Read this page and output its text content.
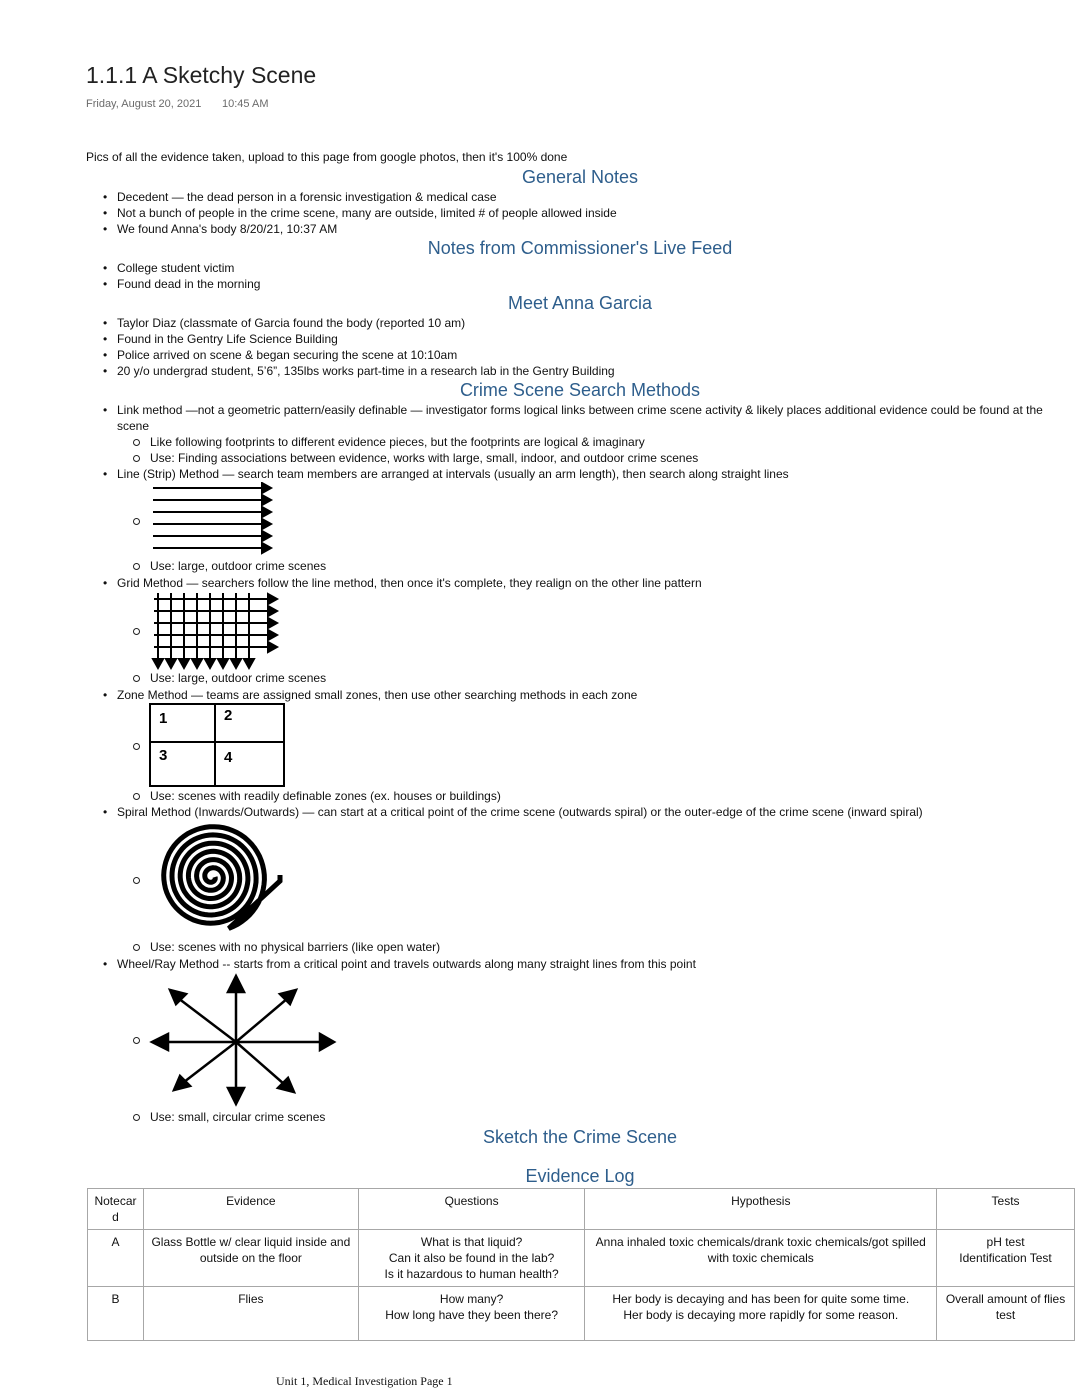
1.1.1 A Sketchy Scene
Friday, August 20, 2021 10:45 AM
Pics of all the evidence taken, upload to this page from google photos, then it's 100% done
General Notes
• Decedent — the dead person in a forensic investigation & medical case
• Not a bunch of people in the crime scene, many are outside, limited # of people allowed inside
• We found Anna's body 8/20/21, 10:37 AM
Notes from Commissioner's Live Feed
• College student victim
• Found dead in the morning
Meet Anna Garcia
• Taylor Diaz (classmate of Garcia found the body (reported 10 am)
• Found in the Gentry Life Science Building
• Police arrived on scene & began securing the scene at 10:10am
• 20 y/o undergrad student, 5’6”, 135lbs works part-time in a research lab in the Gentry Building
Crime Scene Search Methods
• Link method —not a geometric pattern/easily definable — investigator forms logical links between crime scene activity & likely places additional evidence could be found at the scene
Like following footprints to different evidence pieces, but the footprints are logical & imaginary
Use: Finding associations between evidence, works with large, small, indoor, and outdoor crime scenes
• Line (Strip) Method — search team members are arranged at intervals (usually an arm length), then search along straight lines
Use: large, outdoor crime scenes
• Grid Method — searchers follow the line method, then once it's complete, they realign on the other line pattern
Use: large, outdoor crime scenes
• Zone Method — teams are assigned small zones, then use other searching methods in each zone
1	2
3	4
Use: scenes with readily definable zones (ex. houses or buildings)
• Spiral Method (Inwards/Outwards) — can start at a critical point of the crime scene (outwards spiral) or the outer-edge of the crime scene (inward spiral)
Use: scenes with no physical barriers (like open water)
• Wheel/Ray Method -- starts from a critical point and travels outwards along many straight lines from this point
Use: small, circular crime scenes
Sketch the Crime Scene
Evidence Log
Notecar
d	Evidence	Questions	Hypothesis	Tests
A	Glass Bottle w/ clear liquid inside and outside on the floor	What is that liquid?
Can it also be found in the lab?
Is it hazardous to human health?	Anna inhaled toxic chemicals/drank toxic chemicals/got spilled with toxic chemicals	pH test
Identification Test
B	Flies	How many?
How long have they been there?	Her body is decaying and has been for quite some time.
Her body is decaying more rapidly for some reason.	Overall amount of flies test
Unit 1, Medical Investigation Page 1
